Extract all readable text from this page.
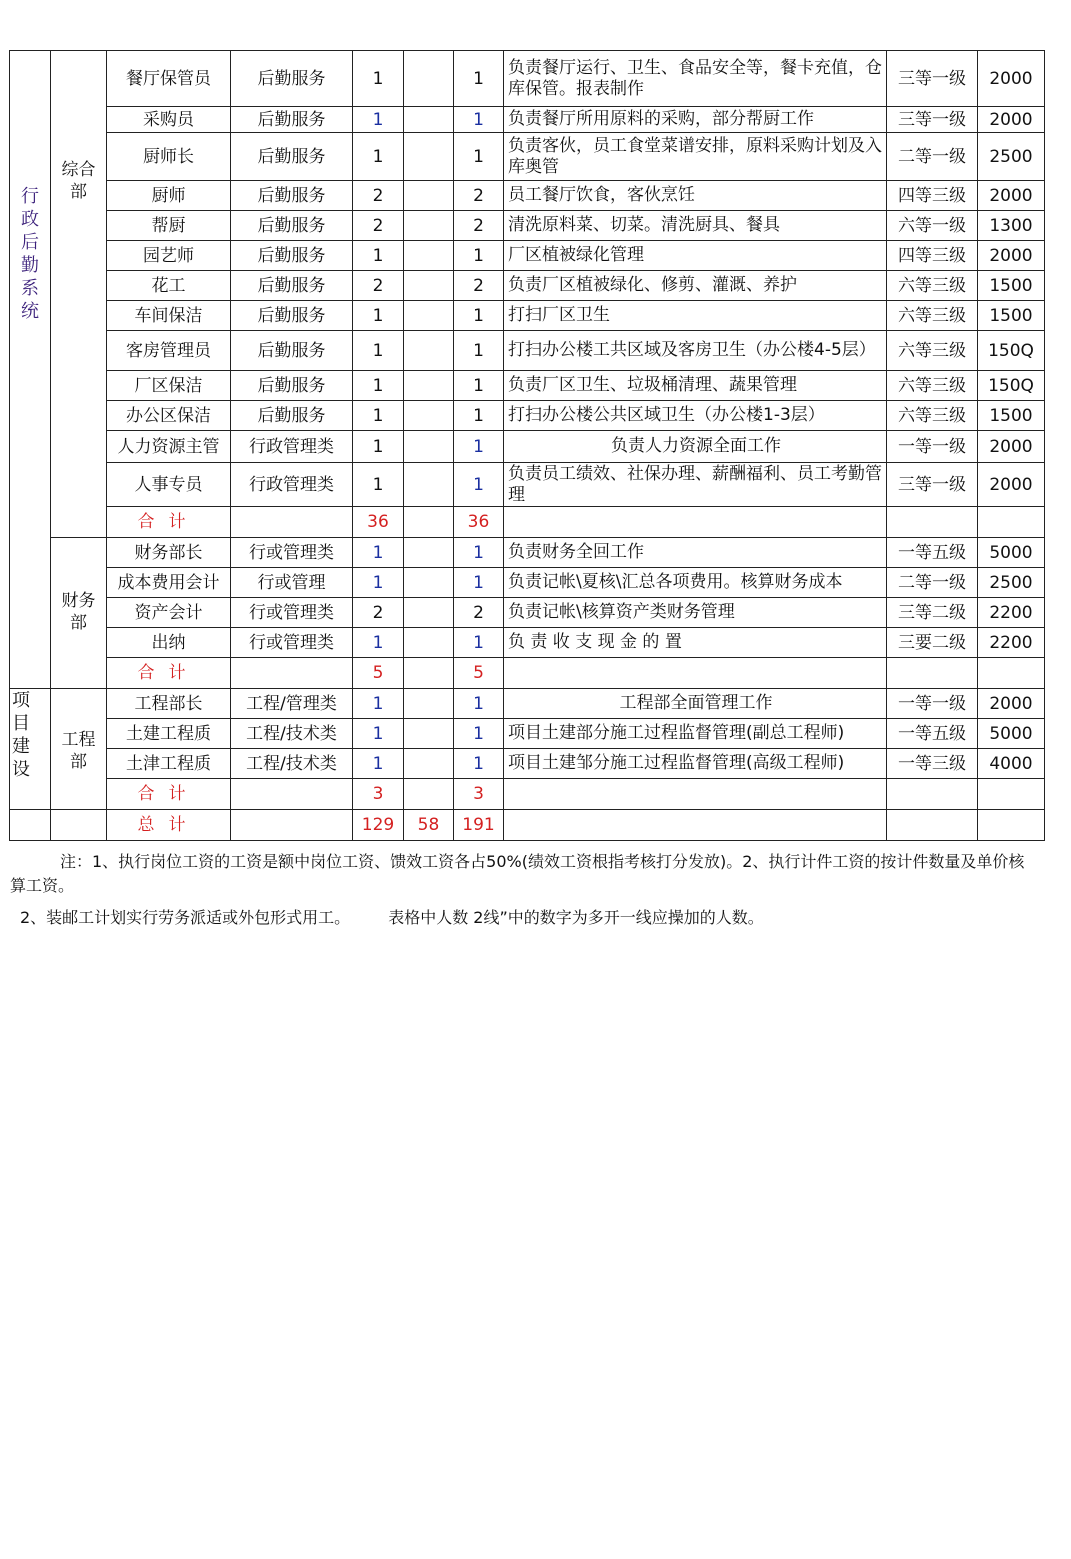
行政后勤系统	综合部	餐厅保管员	后勤服务	1		1	负责餐厅运行、卫生、食品安全等，餐卡充值，仓库保管。报表制作	三等一级	2000
		采购员	后勤服务	1		1	负责餐厅所用原料的采购，部分帮厨工作	三等一级	2000
		厨师长	后勤服务	1		1	负责客伙，员工食堂菜谱安排，原料采购计划及入库奥管	二等一级	2500
		厨师	后勤服务	2		2	员工餐厅饮食，客伙烹饪	四等三级	2000
		帮厨	后勤服务	2		2	清洗原料菜、切菜。清洗厨具、餐具	六等一级	1300
		园艺师	后勤服务	1		1	厂区植被绿化管理	四等三级	2000
		花工	后勤服务	2		2	负责厂区植被绿化、修剪、灌溉、养护	六等三级	1500
		车间保洁	后勤服务	1		1	打扫厂区卫生	六等三级	1500
		客房管理员	后勤服务	1		1	打扫办公楼工共区域及客房卫生（办公楼4-5层）	六等三级	150Q
		厂区保洁	后勤服务	1		1	负责厂区卫生、垃圾桶清理、蔬果管理	六等三级	150Q
		办公区保洁	后勤服务	1		1	打扫办公楼公共区域卫生（办公楼1-3层）	六等三级	1500
		人力资源主管	行政管理类	1		1	负责人力资源全面工作	一等一级	2000
		人事专员	行政管理类	1		1	负责员工绩效、社保办理、薪酬福利、员工考勤管理	三等一级	2000
		合计		36		36			
	财务部	财务部长	行或管理类	1		1	负责财务全回工作	一等五级	5000
		成本费用会计	行或管理	1		1	负责记帐\夏核\汇总各项费用。核算财务成本	二等一级	2500
		资产会计	行或管理类	2		2	负责记帐\核算资产类财务管理	三等二级	2200
		出纳	行或管理类	1		1	负 责 收 支 现 金 的 置	三要二级	2200
		合计		5		5			

项目建设	工程部	工程部长	工程/管理类	1		1	工程部全面管理工作	一等一级	2000
		土建工程质	工程/技术类	1		1	项目土建部分施工过程监督管理(副总工程师)	一等五级	5000
		土津工程质	工程/技术类	1		1	项目土建邹分施工过程监督管理(高级工程师)	一等三级	4000
		合计		3		3			
		总计		129	58	191			

注：1、执行岗位工资的工资是额中岗位工资、馈效工资各占50%(绩效工资根指考核打分发放)。2、执行计件工资的按计件数量及单价核算工资。

2、装邮工计划实行劳务派适或外包形式用工。 表格中人数 2线”中的数字为多开一线应操加的人数。
